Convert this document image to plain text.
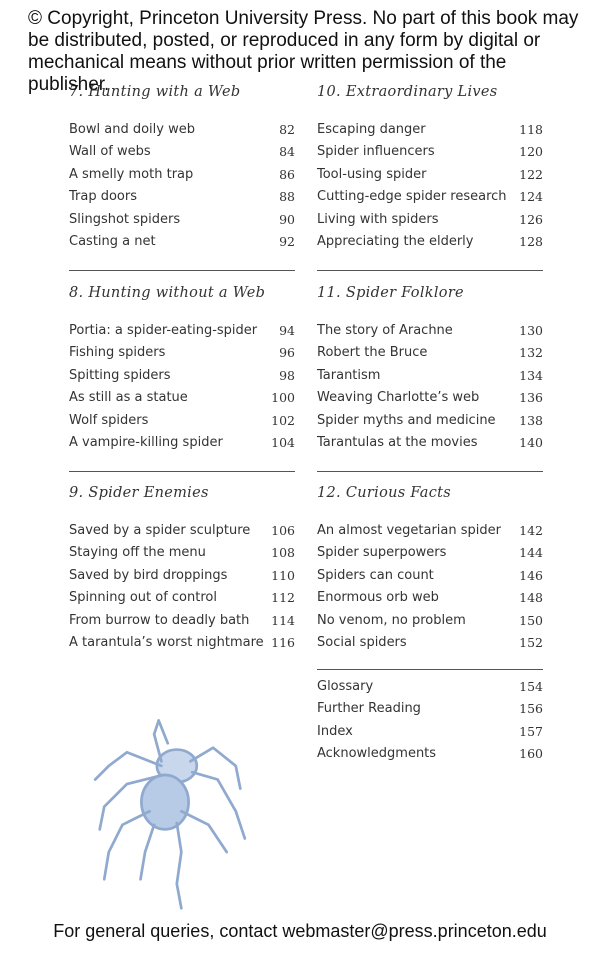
© Copyright, Princeton University Press. No part of this book may be distributed, posted, or reproduced in any form by digital or mechanical means without prior written permission of the publisher.
7. Hunting with a Web
Bowl and doily web	82
Wall of webs	84
A smelly moth trap	86
Trap doors	88
Slingshot spiders	90
Casting a net	92
10. Extraordinary Lives
Escaping danger	118
Spider influencers	120
Tool-using spider	122
Cutting-edge spider research 124
Living with spiders	126
Appreciating the elderly	128
8. Hunting without a Web
Portia: a spider-eating-spider 94
Fishing spiders	96
Spitting spiders	98
As still as a statue	100
Wolf spiders	102
A vampire-killing spider	104
11. Spider Folklore
The story of Arachne	130
Robert the Bruce	132
Tarantism	134
Weaving Charlotte’s web	136
Spider myths and medicine 138
Tarantulas at the movies	140
9. Spider Enemies
Saved by a spider sculpture 106
Staying off the menu	108
Saved by bird droppings	110
Spinning out of control	112
From burrow to deadly bath 114
A tarantula’s worst nightmare 116
12. Curious Facts
An almost vegetarian spider 142
Spider superpowers	144
Spiders can count	146
Enormous orb web	148
No venom, no problem	150
Social spiders	152
Glossary	154
Further Reading	156
Index	157
Acknowledgments	160
For general queries, contact webmaster@press.princeton.edu
